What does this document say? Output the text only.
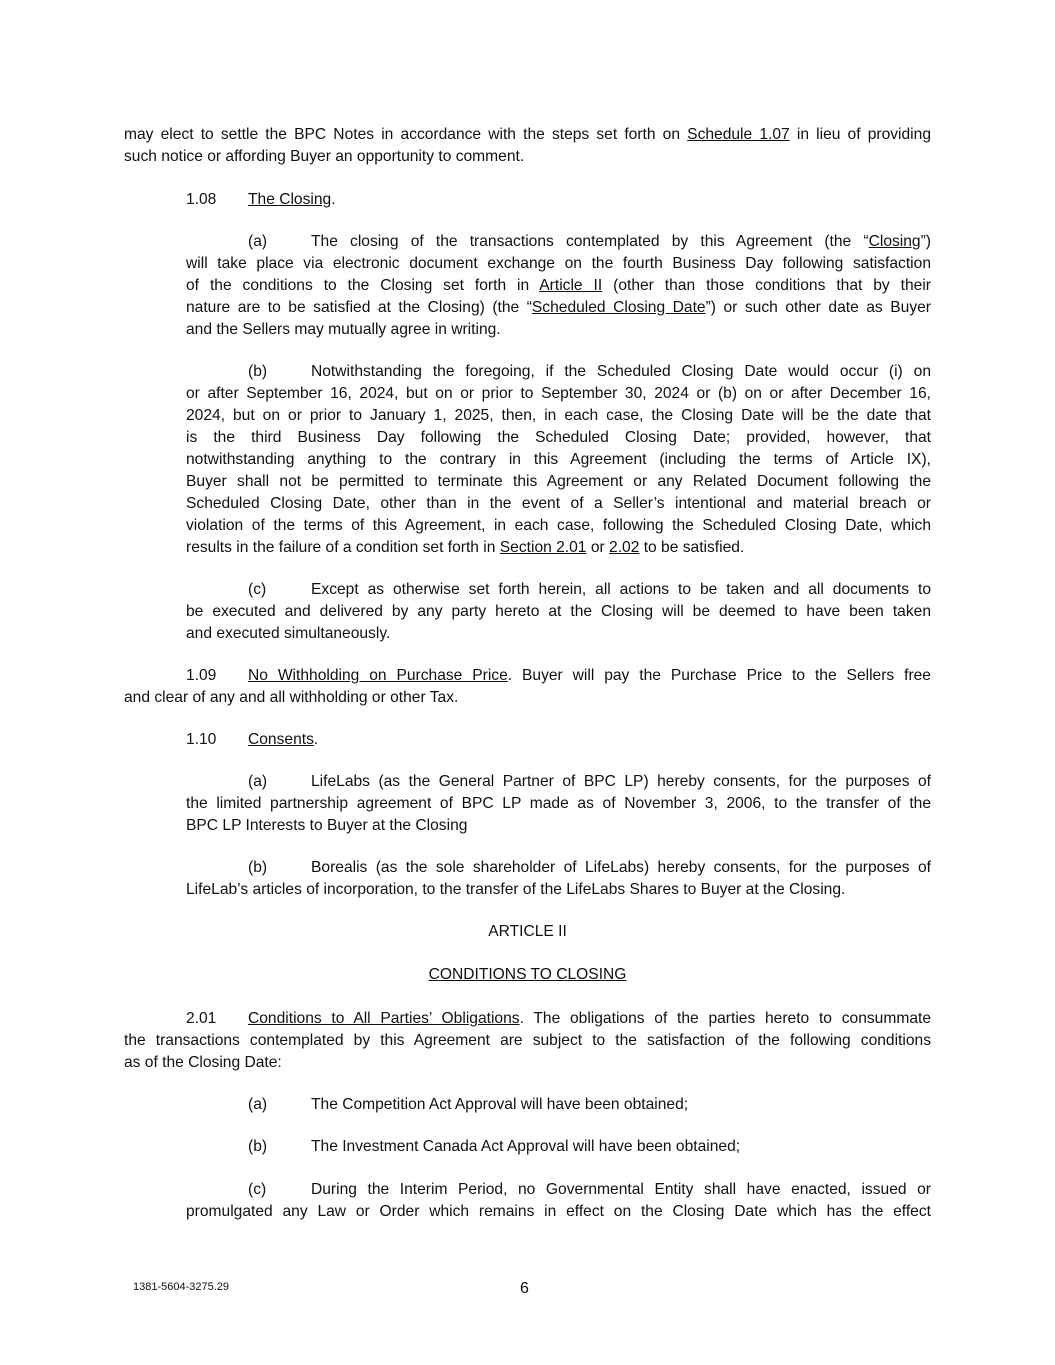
may elect to settle the BPC Notes in accordance with the steps set forth on Schedule 1.07 in lieu of providing
such notice or affording Buyer an opportunity to comment.
1.08 The Closing.
(a)	The closing of the transactions contemplated by this Agreement (the “Closing”)
will take place via electronic document exchange on the fourth Business Day following satisfaction
of the conditions to the Closing set forth in Article II (other than those conditions that by their
nature are to be satisfied at the Closing) (the “Scheduled Closing Date”) or such other date as Buyer
and the Sellers may mutually agree in writing.
(b)	Notwithstanding the foregoing, if the Scheduled Closing Date would occur (i) on
or after September 16, 2024, but on or prior to September 30, 2024 or (b) on or after December 16,
2024, but on or prior to January 1, 2025, then, in each case, the Closing Date will be the date that
is the third Business Day following the Scheduled Closing Date; provided, however, that
notwithstanding anything to the contrary in this Agreement (including the terms of Article IX),
Buyer shall not be permitted to terminate this Agreement or any Related Document following the
Scheduled Closing Date, other than in the event of a Seller’s intentional and material breach or
violation of the terms of this Agreement, in each case, following the Scheduled Closing Date, which
results in the failure of a condition set forth in Section 2.01 or 2.02 to be satisfied.
(c)	Except as otherwise set forth herein, all actions to be taken and all documents to
be executed and delivered by any party hereto at the Closing will be deemed to have been taken
and executed simultaneously.
1.09 No Withholding on Purchase Price. Buyer will pay the Purchase Price to the Sellers free
and clear of any and all withholding or other Tax.
1.10 Consents.
(a)	LifeLabs (as the General Partner of BPC LP) hereby consents, for the purposes of
the limited partnership agreement of BPC LP made as of November 3, 2006, to the transfer of the
BPC LP Interests to Buyer at the Closing
(b)	Borealis (as the sole shareholder of LifeLabs) hereby consents, for the purposes of
LifeLab’s articles of incorporation, to the transfer of the LifeLabs Shares to Buyer at the Closing.
2.01 Conditions to All Parties’ Obligations. The obligations of the parties hereto to consummate
the transactions contemplated by this Agreement are subject to the satisfaction of the following conditions
as of the Closing Date:
(a)	The Competition Act Approval will have been obtained;
(b)	The Investment Canada Act Approval will have been obtained;
(c)	During the Interim Period, no Governmental Entity shall have enacted, issued or
promulgated any Law or Order which remains in effect on the Closing Date which has the effect
ARTICLE II
CONDITIONS TO CLOSING
1381-5604-3275.29	6
